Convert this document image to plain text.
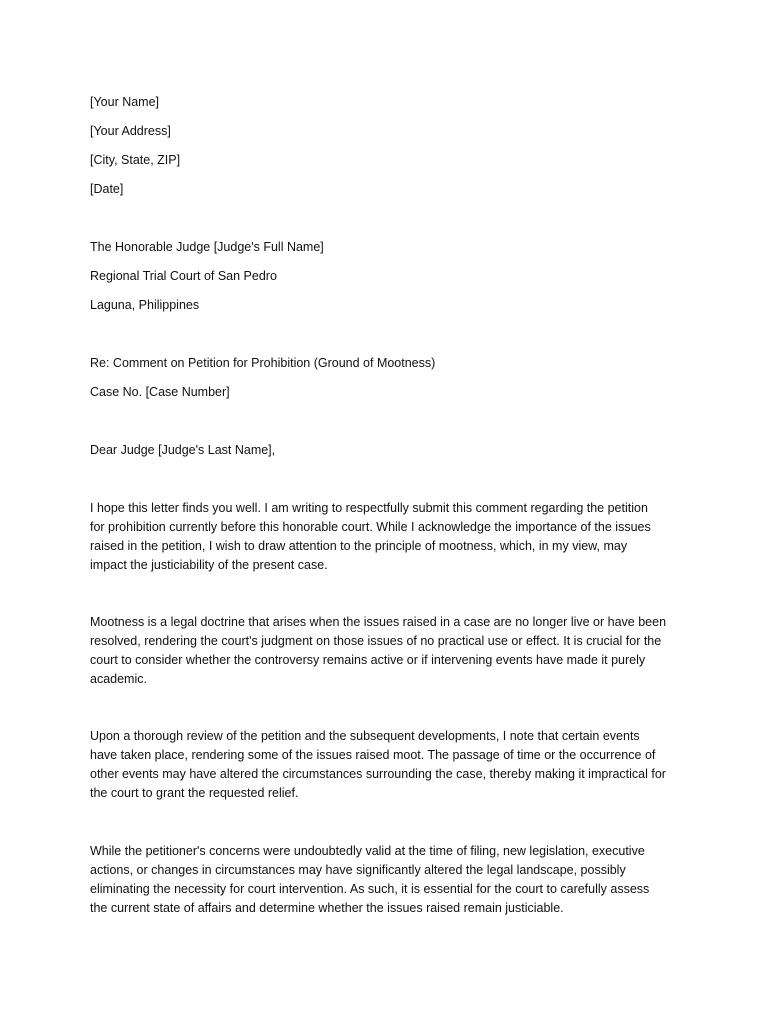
[Your Name]

[Your Address]

[City, State, ZIP]

[Date]

The Honorable Judge [Judge's Full Name]

Regional Trial Court of San Pedro

Laguna, Philippines

Re: Comment on Petition for Prohibition (Ground of Mootness)

Case No. [Case Number]

Dear Judge [Judge's Last Name],

I hope this letter finds you well. I am writing to respectfully submit this comment regarding the petition
for prohibition currently before this honorable court. While I acknowledge the importance of the issues
raised in the petition, I wish to draw attention to the principle of mootness, which, in my view, may
impact the justiciability of the present case.
Mootness is a legal doctrine that arises when the issues raised in a case are no longer live or have been
resolved, rendering the court's judgment on those issues of no practical use or effect. It is crucial for the
court to consider whether the controversy remains active or if intervening events have made it purely
academic.
Upon a thorough review of the petition and the subsequent developments, I note that certain events
have taken place, rendering some of the issues raised moot. The passage of time or the occurrence of
other events may have altered the circumstances surrounding the case, thereby making it impractical for
the court to grant the requested relief.
While the petitioner's concerns were undoubtedly valid at the time of filing, new legislation, executive
actions, or changes in circumstances may have significantly altered the legal landscape, possibly
eliminating the necessity for court intervention. As such, it is essential for the court to carefully assess
the current state of affairs and determine whether the issues raised remain justiciable.
